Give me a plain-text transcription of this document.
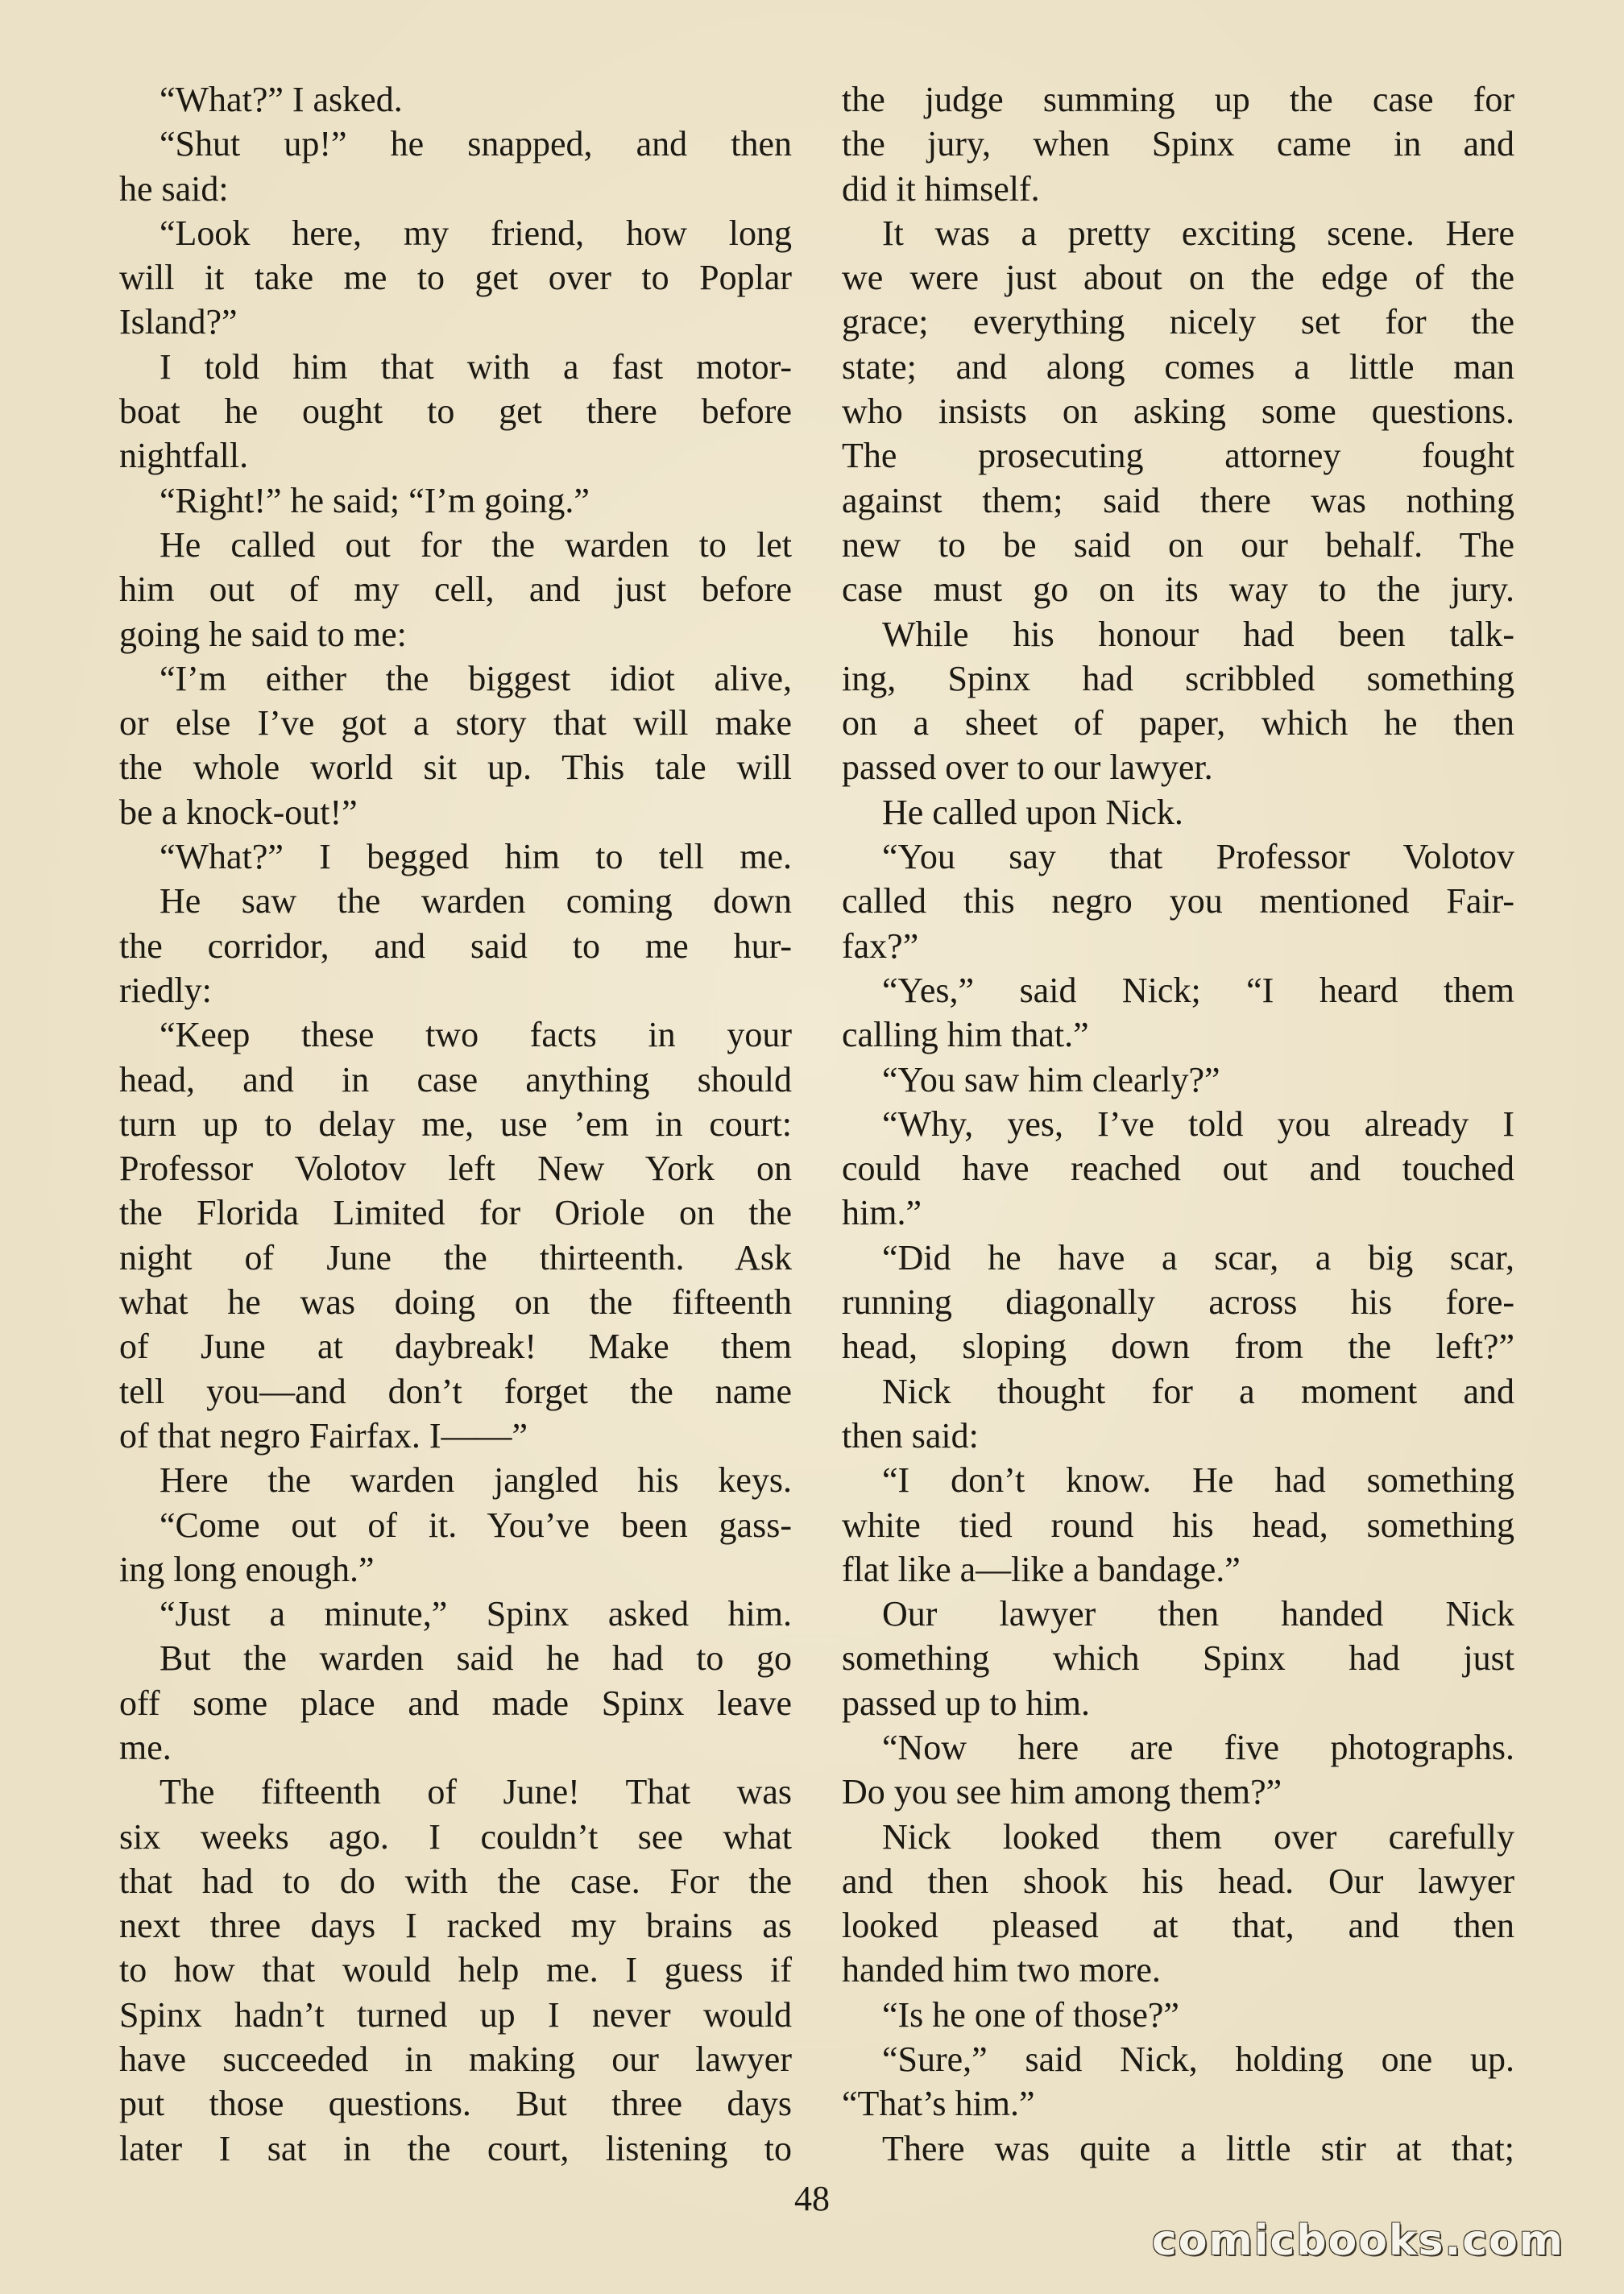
“What?” I asked.
“Shut up!” he snapped, and then
he said:
“Look here, my friend, how long
will it take me to get over to Poplar
Island?”
I told him that with a fast motor-
boat he ought to get there before
nightfall.
“Right!” he said; “I’m going.”
He called out for the warden to let
him out of my cell, and just before
going he said to me:
“I’m either the biggest idiot alive,
or else I’ve got a story that will make
the whole world sit up. This tale will
be a knock-out!”
“What?” I begged him to tell me.
He saw the warden coming down
the corridor, and said to me hur-
riedly:
“Keep these two facts in your
head, and in case anything should
turn up to delay me, use ’em in court:
Professor Volotov left New York on
the Florida Limited for Oriole on the
night of June the thirteenth. Ask
what he was doing on the fifteenth
of June at daybreak! Make them
tell you—and don’t forget the name
of that negro Fairfax. I——”
Here the warden jangled his keys.
“Come out of it. You’ve been gass-
ing long enough.”
“Just a minute,” Spinx asked him.
But the warden said he had to go
off some place and made Spinx leave
me.
The fifteenth of June! That was
six weeks ago. I couldn’t see what
that had to do with the case. For the
next three days I racked my brains as
to how that would help me. I guess if
Spinx hadn’t turned up I never would
have succeeded in making our lawyer
put those questions. But three days
later I sat in the court, listening to
the judge summing up the case for
the jury, when Spinx came in and
did it himself.
It was a pretty exciting scene. Here
we were just about on the edge of the
grace; everything nicely set for the
state; and along comes a little man
who insists on asking some questions.
The prosecuting attorney fought
against them; said there was nothing
new to be said on our behalf. The
case must go on its way to the jury.
While his honour had been talk-
ing, Spinx had scribbled something
on a sheet of paper, which he then
passed over to our lawyer.
He called upon Nick.
“You say that Professor Volotov
called this negro you mentioned Fair-
fax?”
“Yes,” said Nick; “I heard them
calling him that.”
“You saw him clearly?”
“Why, yes, I’ve told you already I
could have reached out and touched
him.”
“Did he have a scar, a big scar,
running diagonally across his fore-
head, sloping down from the left?”
Nick thought for a moment and
then said:
“I don’t know. He had something
white tied round his head, something
flat like a—like a bandage.”
Our lawyer then handed Nick
something which Spinx had just
passed up to him.
“Now here are five photographs.
Do you see him among them?”
Nick looked them over carefully
and then shook his head. Our lawyer
looked pleased at that, and then
handed him two more.
“Is he one of those?”
“Sure,” said Nick, holding one up.
“That’s him.”
There was quite a little stir at that;
48
comicbooks.com
